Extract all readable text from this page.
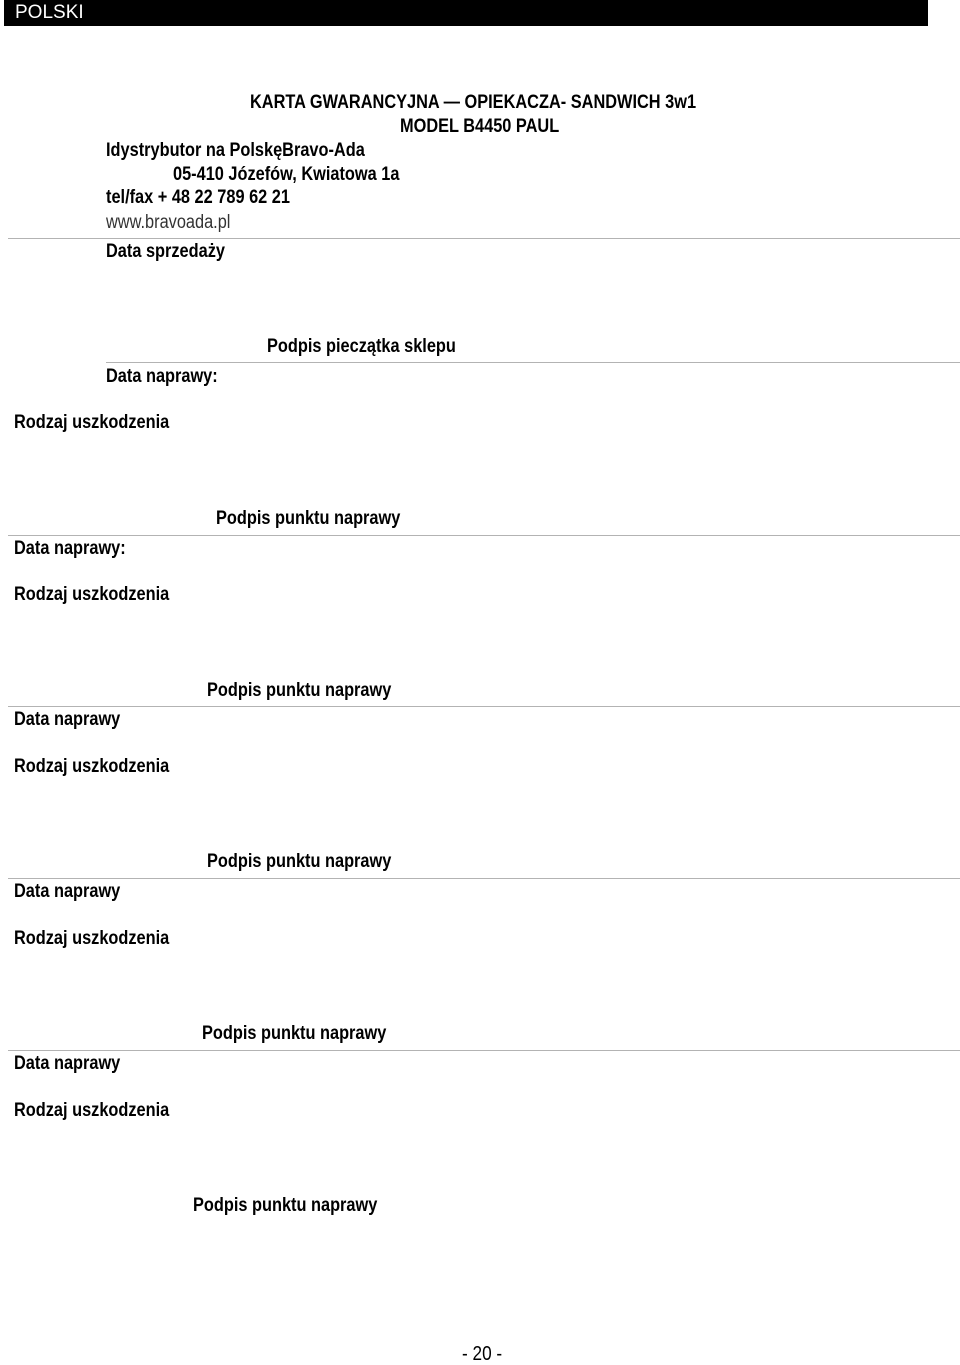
POLSKI
KARTA GWARANCYJNA — OPIEKACZA- SANDWICH 3w1
MODEL B4450 PAUL
Idystrybutor na PolskęBravo-Ada
05-410 Józefów, Kwiatowa 1a
tel/fax + 48 22 789 62 21
www.bravoada.pl
Data sprzedaży
Podpis pieczątka sklepu
Data naprawy:
Rodzaj uszkodzenia
Podpis punktu naprawy
Data naprawy:
Rodzaj uszkodzenia
Podpis punktu naprawy
Data naprawy
Rodzaj uszkodzenia
Podpis punktu naprawy
Data naprawy
Rodzaj uszkodzenia
Podpis punktu naprawy
Data naprawy
Rodzaj uszkodzenia
Podpis punktu naprawy
- 20 -
